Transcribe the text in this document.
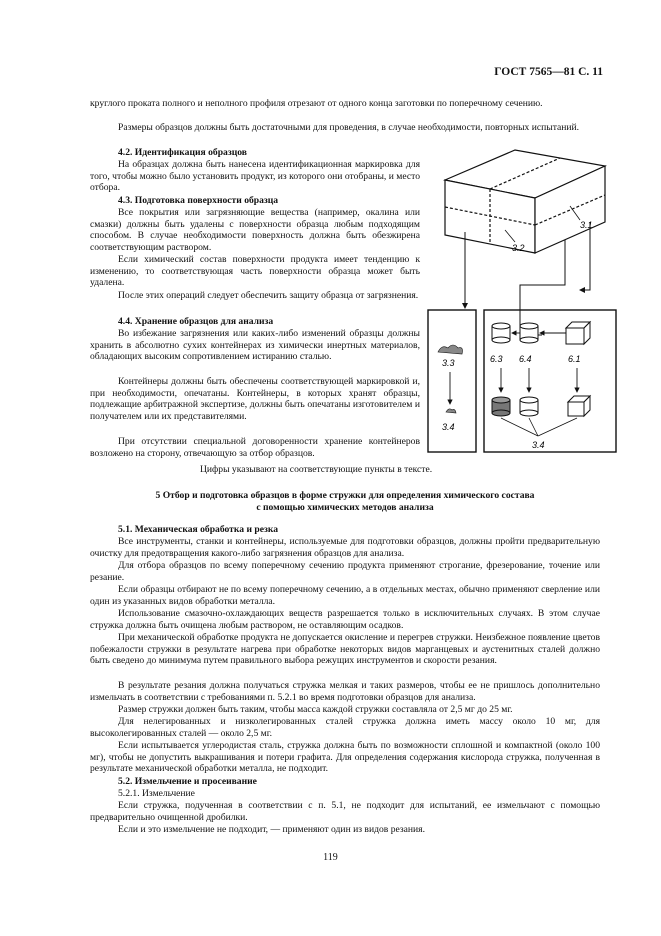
ГОСТ 7565—81 С. 11

круглого проката полного и неполного профиля отрезают от одного конца заготовки по поперечному сечению.

Размеры образцов должны быть достаточными для проведения, в случае необходимости, повторных испытаний.

4.2. Идентификация образцов

На образцах должна быть нанесена идентификационная маркировка для того, чтобы можно было установить продукт, из которого они отобраны, и место отбора.

4.3. Подготовка поверхности образца

Все покрытия или загрязняющие вещества (например, окалина или смазки) должны быть удалены с поверхности образца любым подходящим способом. В случае необходимости поверхность должна быть обезжирена соответствующим раствором.

Если химический состав поверхности продукта имеет тенденцию к изменению, то соответствующая часть поверхности образца может быть удалена.

После этих операций следует обеспечить защиту образца от загрязнения.

4.4. Хранение образцов для анализа

Во избежание загрязнения или каких-либо изменений образцы должны хранить в абсолютно сухих контейнерах из химически инертных материалов, обладающих высоким сопротивлением истиранию сталью.

Контейнеры должны быть обеспечены соответствующей маркировкой и, при необходимости, опечатаны. Контейнеры, в которых хранят образцы, подлежащие арбитражной экспертизе, должны быть опечатаны изготовителем и получателем или их представителями.

При отсутствии специальной договоренности хранение контейнеров возложено на сторону, отвечающую за отбор образцов.

3.1
3.2
3.3
3.4
6.3 6.4	6.1
3.4

Цифры указывают на соответствующие пункты в тексте.

5 Отбор и подготовка образцов в форме стружки для определения химического состава

с помощью химических методов анализа

5.1. Механическая обработка и резка

Все инструменты, станки и контейнеры, используемые для подготовки образцов, должны пройти предварительную очистку для предотвращения какого-либо загрязнения образцов для анализа.

Для отбора образцов по всему поперечному сечению продукта применяют строгание, фрезерование, точение или резание.

Если образцы отбирают не по всему поперечному сечению, а в отдельных местах, обычно применяют сверление или один из указанных видов обработки металла.

Использование смазочно-охлаждающих веществ разрешается только в исключительных случаях. В этом случае стружка должна быть очищена любым раствором, не оставляющим осадков.

При механической обработке продукта не допускается окисление и перегрев стружки. Неизбежное появление цветов побежалости стружки в результате нагрева при обработке некоторых видов марганцевых и аустенитных сталей должно быть сведено до минимума путем правильного выбора режущих инструментов и скорости резания.

В результате резания должна получаться стружка мелкая и таких размеров, чтобы ее не пришлось дополнительно измельчать в соответствии с требованиями п. 5.2.1 во время подготовки образцов для анализа.

Размер стружки должен быть таким, чтобы масса каждой стружки составляла от 2,5 мг до 25 мг.

Для нелегированных и низколегированных сталей стружка должна иметь массу около 10 мг, для высоколегированных сталей — около 2,5 мг.

Если испытывается углеродистая сталь, стружка должна быть по возможности сплошной и компактной (около 100 мг), чтобы не допустить выкрашивания и потери графита. Для определения содержания кислорода стружка, полученная в результате механической обработки металла, не подходит.

5.2. Измельчение и просеивание

5.2.1. Измельчение

Если стружка, подученная в соответствии с п. 5.1, не подходит для испытаний, ее измельчают с помощью предварительно очищенной дробилки.

Если и это измельчение не подходит, — применяют один из видов резания.

119
